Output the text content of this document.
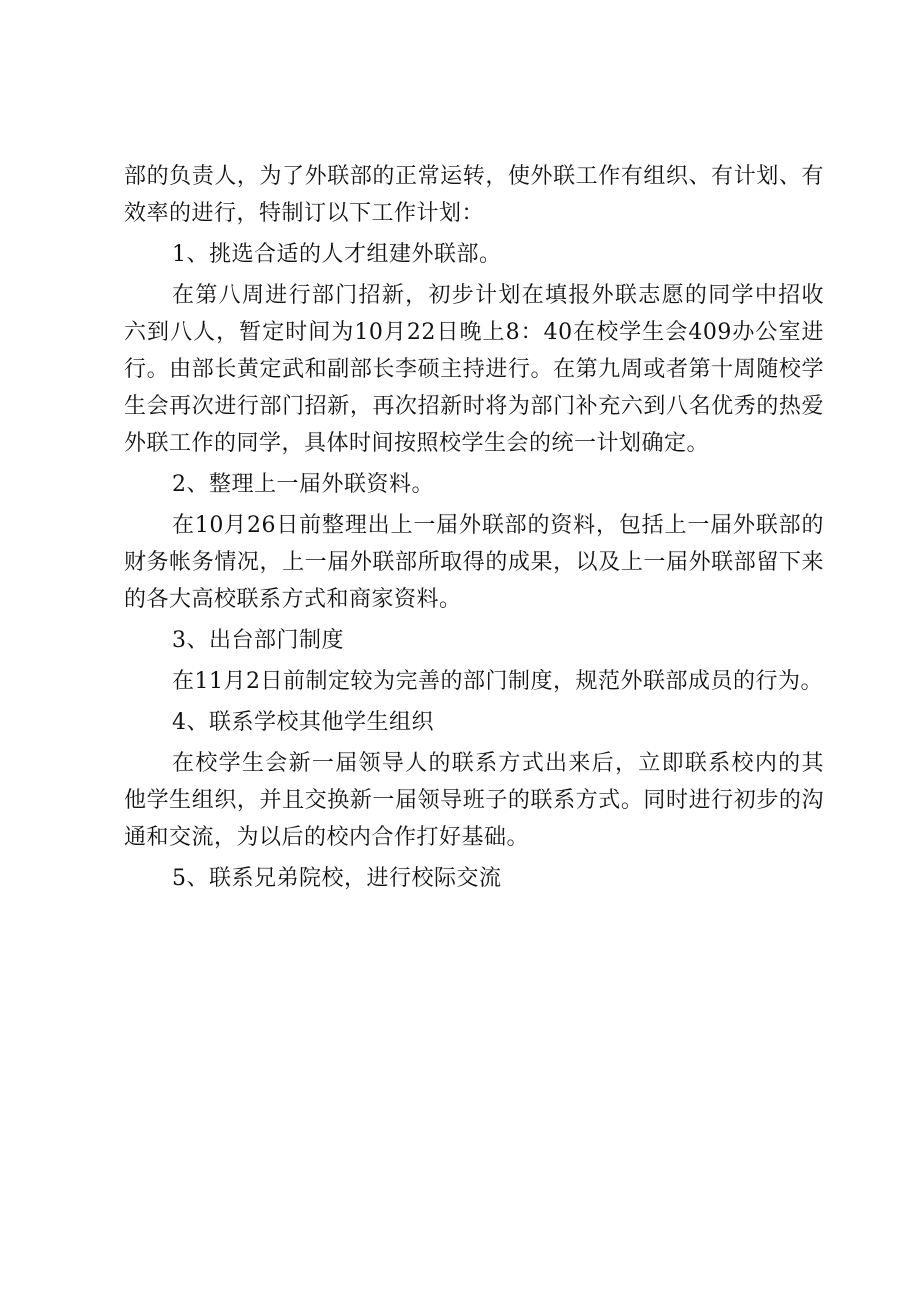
部的负责人，为了外联部的正常运转，使外联工作有组织、有计划、有效率的进行，特制订以下工作计划：

1、挑选合适的人才组建外联部。

在第八周进行部门招新，初步计划在填报外联志愿的同学中招收六到八人，暂定时间为10月22日晚上8：40在校学生会409办公室进行。由部长黄定武和副部长李硕主持进行。在第九周或者第十周随校学生会再次进行部门招新，再次招新时将为部门补充六到八名优秀的热爱外联工作的同学，具体时间按照校学生会的统一计划确定。

2、整理上一届外联资料。

在10月26日前整理出上一届外联部的资料，包括上一届外联部的财务帐务情况，上一届外联部所取得的成果，以及上一届外联部留下来的各大高校联系方式和商家资料。

3、出台部门制度

在11月2日前制定较为完善的部门制度，规范外联部成员的行为。

4、联系学校其他学生组织

在校学生会新一届领导人的联系方式出来后，立即联系校内的其他学生组织，并且交换新一届领导班子的联系方式。同时进行初步的沟通和交流，为以后的校内合作打好基础。

5、联系兄弟院校，进行校际交流
